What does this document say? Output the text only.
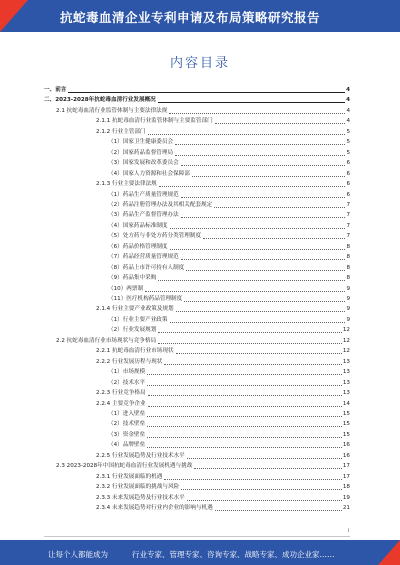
抗蛇毒血清企业专利申请及布局策略研究报告
内容目录
一、前言	4
二、2023-2028年抗蛇毒血清行业发展概况	4
2.1 抗蛇毒血清行业监管体制与主要法律法规	4
2.1.1 抗蛇毒血清行业监管体制与主要监管部门	4
2.1.2 行业主管部门	5
（1）国家卫生健康委员会	5
（2）国家药品监督管理局	5
（3）国家发展和改革委员会	6
（4）国家人力资源和社会保障部	6
2.1.3 行业主要法律法规	6
（1）药品生产质量管理规范	6
（2）药品注册管理办法及其相关配套规定	7
（3）药品生产监督管理办法	7
（4）国家药品标准制度	7
（5）处方药与非处方药分类管理制度	7
（6）药品价格管理制度	8
（7）药品经营质量管理规范	8
（8）药品上市许可持有人制度	8
（9）药品集中采购	8
（10）两票制	9
（11）医疗机构药品管理制度	9
2.1.4 行业主要产业政策及规划	9
（1）行业主要产业政策	9
（2）行业发展规划	12
2.2 抗蛇毒血清行业市场现状与竞争格局	12
2.2.1 抗蛇毒血清行业市场现状	12
2.2.2 行业发展历程与现状	13
（1）市场规模	13
（2）技术水平	13
2.2.3 行业竞争格局	13
2.2.4 主要竞争企业	14
（1）进入壁垒	15
（2）技术壁垒	15
（3）资金壁垒	15
（4）品牌壁垒	16
2.2.5 行业发展趋势及行业技术水平	16
2.3 2023-2028年中国抗蛇毒血清行业发展机遇与挑战	17
2.3.1 行业发展面临的机遇	17
2.3.2 行业发展面临的挑战与风险	18
2.3.3 未来发展趋势及行业技术水平	19
2.3.4 未来发展趋势对行业内企业的影响与机遇	21
i
让每个人都能成为	行业专家、管理专家、咨询专家、战略专家、成功企业家……
